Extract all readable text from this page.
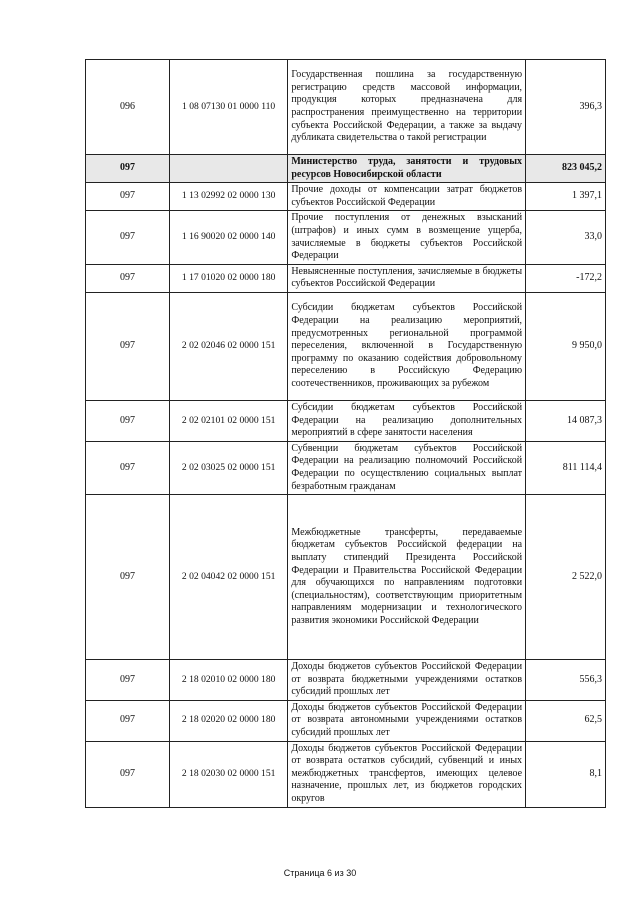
096	1 08 07130 01 0000 110	Государственная пошлина за государственную регистрацию средств массовой информации, продукция которых предназначена для распространения преимущественно на территории субъекта Российской Федерации, а также за выдачу дубликата свидетельства о такой регистрации	396,3
097		Министерство труда, занятости и трудовых ресурсов Новосибирской области	823 045,2
097	1 13 02992 02 0000 130	Прочие доходы от компенсации затрат бюджетов субъектов Российской Федерации	1 397,1
097	1 16 90020 02 0000 140	Прочие поступления от денежных взысканий (штрафов) и иных сумм в возмещение ущерба, зачисляемые в бюджеты субъектов Российской Федерации	33,0
097	1 17 01020 02 0000 180	Невыясненные поступления, зачисляемые в бюджеты субъектов Российской Федерации	-172,2
097	2 02 02046 02 0000 151	Субсидии бюджетам субъектов Российской Федерации на реализацию мероприятий, предусмотренных региональной программой переселения, включенной в Государственную программу по оказанию содействия добровольному переселению в Российскую Федерацию соотечественников, проживающих за рубежом	9 950,0
097	2 02 02101 02 0000 151	Субсидии бюджетам субъектов Российской Федерации на реализацию дополнительных мероприятий в сфере занятости населения	14 087,3
097	2 02 03025 02 0000 151	Субвенции бюджетам субъектов Российской Федерации на реализацию полномочий Российской Федерации по осуществлению социальных выплат безработным гражданам	811 114,4
097	2 02 04042 02 0000 151	Межбюджетные трансферты, передаваемые бюджетам субъектов Российской федерации на выплату стипендий Президента Российской Федерации и Правительства Российской Федерации для обучающихся по направлениям подготовки (специальностям), соответствующим приоритетным направлениям модернизации и технологического развития экономики Российской Федерации	2 522,0
097	2 18 02010 02 0000 180	Доходы бюджетов субъектов Российской Федерации от возврата бюджетными учреждениями остатков субсидий прошлых лет	556,3
097	2 18 02020 02 0000 180	Доходы бюджетов субъектов Российской Федерации от возврата автономными учреждениями остатков субсидий прошлых лет	62,5
097	2 18 02030 02 0000 151	Доходы бюджетов субъектов Российской Федерации от возврата остатков субсидий, субвенций и иных межбюджетных трансфертов, имеющих целевое назначение, прошлых лет, из бюджетов городских округов	8,1
Страница 6 из 30
